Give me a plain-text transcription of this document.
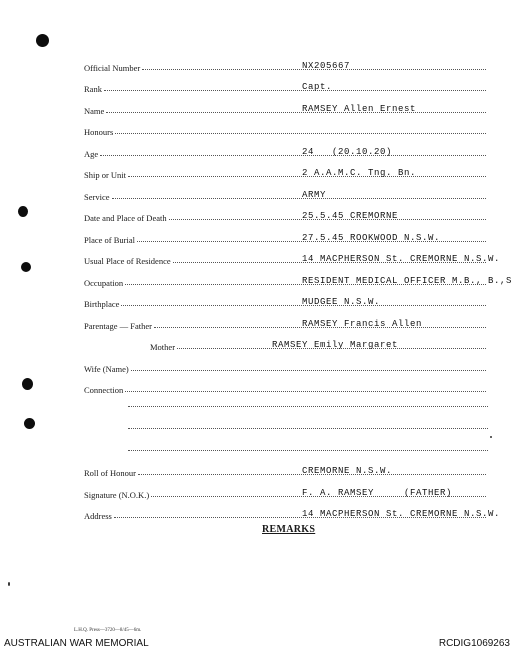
Official Number	NX205667
Rank	Capt.
Name	RAMSEY Allen Ernest
Honours
Age	24   (20.10.20)
Ship or Unit	2 A.A.M.C. Tng. Bn.
Service	ARMY
Date and Place of Death	25.5.45 CREMORNE
Place of Burial	27.5.45 ROOKWOOD N.S.W.
Usual Place of Residence	14 MACPHERSON St. CREMORNE N.S.W.
Occupation	RESIDENT MEDICAL OFFICER M.B., B.,S
Birthplace	MUDGEE N.S.W.
Parentage — Father	RAMSEY Francis Allen
Mother	RAMSEY Emily Margaret
Wife (Name)
Connection
Roll of Honour	CREMORNE N.S.W.
Signature (N.O.K.)	F. A. RAMSEY     (FATHER)
Address	14 MACPHERSON St. CREMORNE N.S.W.
REMARKS
L.H.Q. Press—3720—8/45—6m.
AUSTRALIAN WAR MEMORIAL	RCDIG1069263
